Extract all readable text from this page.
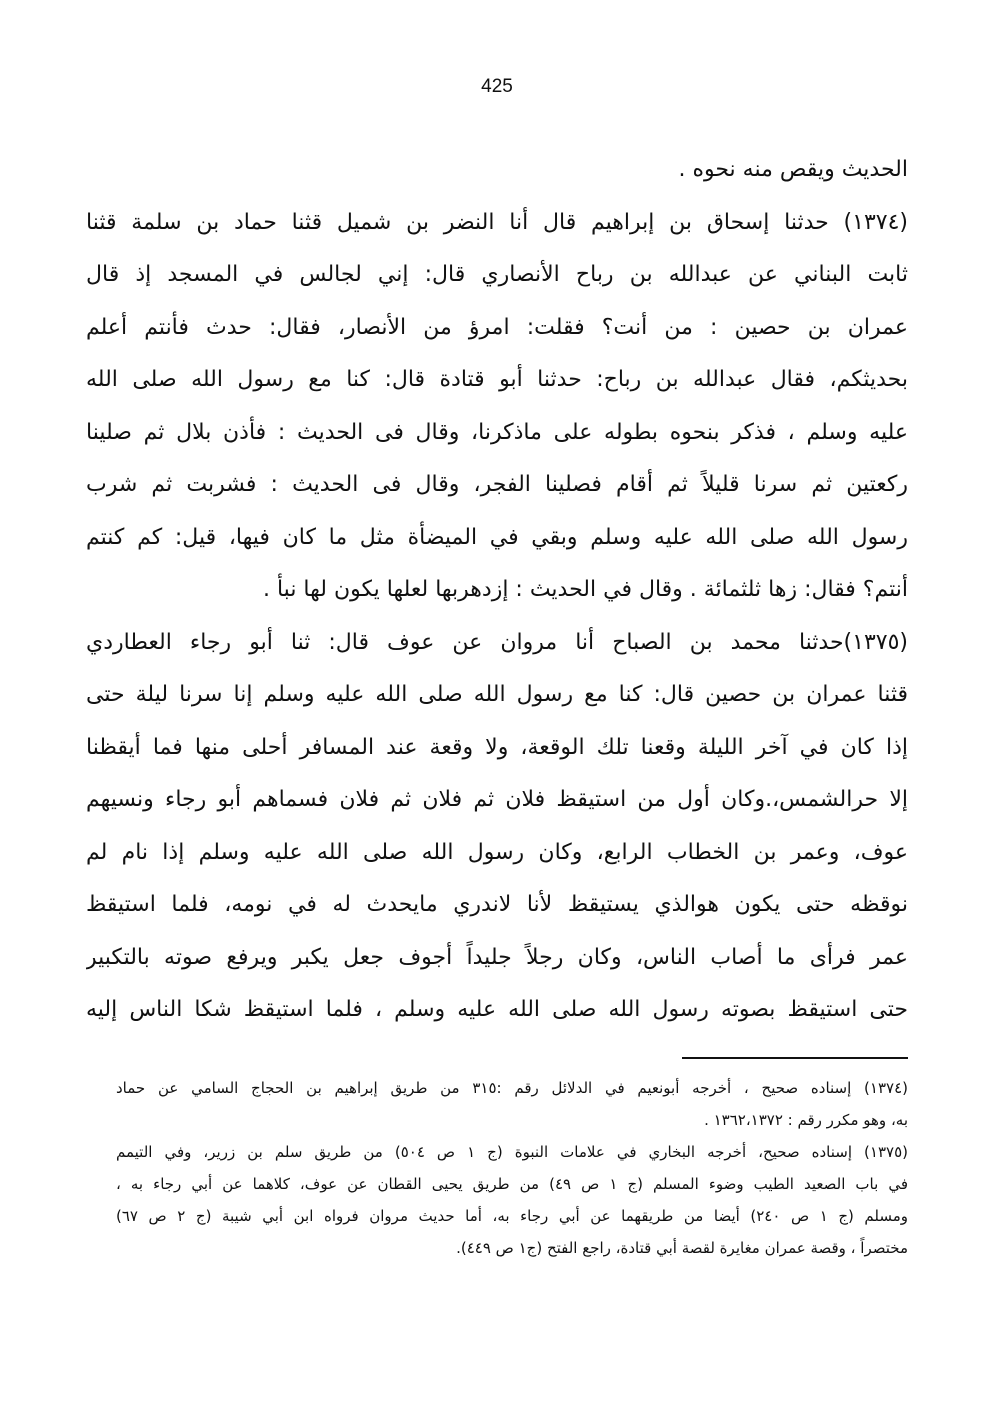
425
الحديث ويقص منه نحوه .
(١٣٧٤) حدثنا إسحاق بن إبراهيم قال أنا النضر بن شميل قثنا حماد بن سلمة قثنا
ثابت البناني عن عبدالله بن رباح الأنصاري قال: إني لجالس في المسجد إذ قال
عمران بن حصين : من أنت؟ فقلت: امرؤ من الأنصار، فقال: حدث فأنتم أعلم
بحديثكم، فقال عبدالله بن رباح: حدثنا أبو قتادة قال: كنا مع رسول الله صلى الله
عليه وسلم ، فذكر بنحوه بطوله على ماذكرنا، وقال فى الحديث : فأذن بلال ثم صلينا
ركعتين ثم سرنا قليلاً ثم أقام فصلينا الفجر، وقال فى الحديث : فشربت ثم شرب
رسول الله صلى الله عليه وسلم وبقي في الميضأة مثل ما كان فيها، قيل: كم كنتم
أنتم؟ فقال: زها ثلثمائة . وقال في الحديث : إزدهربها لعلها يكون لها نبأ .
(١٣٧٥)حدثنا محمد بن الصباح أنا مروان عن عوف قال: ثنا أبو رجاء العطاردي
قثنا عمران بن حصين قال: كنا مع رسول الله صلى الله عليه وسلم إنا سرنا ليلة حتى
إذا كان في آخر الليلة وقعنا تلك الوقعة، ولا وقعة عند المسافر أحلى منها فما أيقظنا
إلا حرالشمس،.وكان أول من استيقظ فلان ثم فلان ثم فلان فسماهم أبو رجاء ونسيهم
عوف، وعمر بن الخطاب الرابع، وكان رسول الله صلى الله عليه وسلم إذا نام لم
نوقظه حتى يكون هوالذي يستيقظ لأنا لاندري مايحدث له في نومه، فلما استيقظ
عمر فرأى ما أصاب الناس، وكان رجلاً جليداً أجوف جعل يكبر ويرفع صوته بالتكبير
حتى استيقظ بصوته رسول الله صلى الله عليه وسلم ، فلما استيقظ شكا الناس إليه
(١٣٧٤) إسناده صحيح ، أخرجه أبونعيم في الدلائل رقم :٣١٥ من طريق إبراهيم بن الحجاج السامي عن حماد
به، وهو مكرر رقم : ١٣٦٢،١٣٧٢ .
(١٣٧٥) إسناده صحيح، أخرجه البخاري في علامات النبوة (ج ١ ص ٥٠٤) من طريق سلم بن زرير، وفي التيمم
في باب الصعيد الطيب وضوء المسلم (ج ١ ص ٤٩) من طريق يحيى القطان عن عوف، كلاهما عن أبي رجاء به ،
ومسلم (ج ١ ص ٢٤٠) أيضا من طريقهما عن أبي رجاء به، أما حديث مروان فرواه ابن أبي شيبة (ج ٢ ص ٦٧)
مختصراً ، وقصة عمران مغايرة لقصة أبي قتادة، راجع الفتح (ج١ ص ٤٤٩).
